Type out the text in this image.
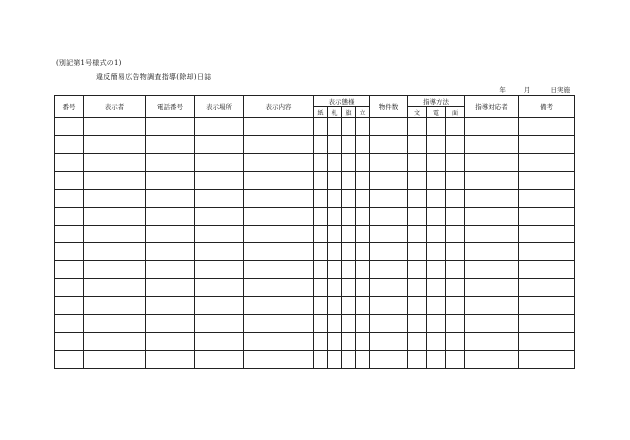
(別記第1号様式の1)
違反簡易広告物調査指導(除却)日誌
年	月	日実施
番号	表示者	電話番号	表示場所	表示内容	表示態様				物件数	指導方法			指導対応者	備考
					紙	札	旗	立		文	電	面		
